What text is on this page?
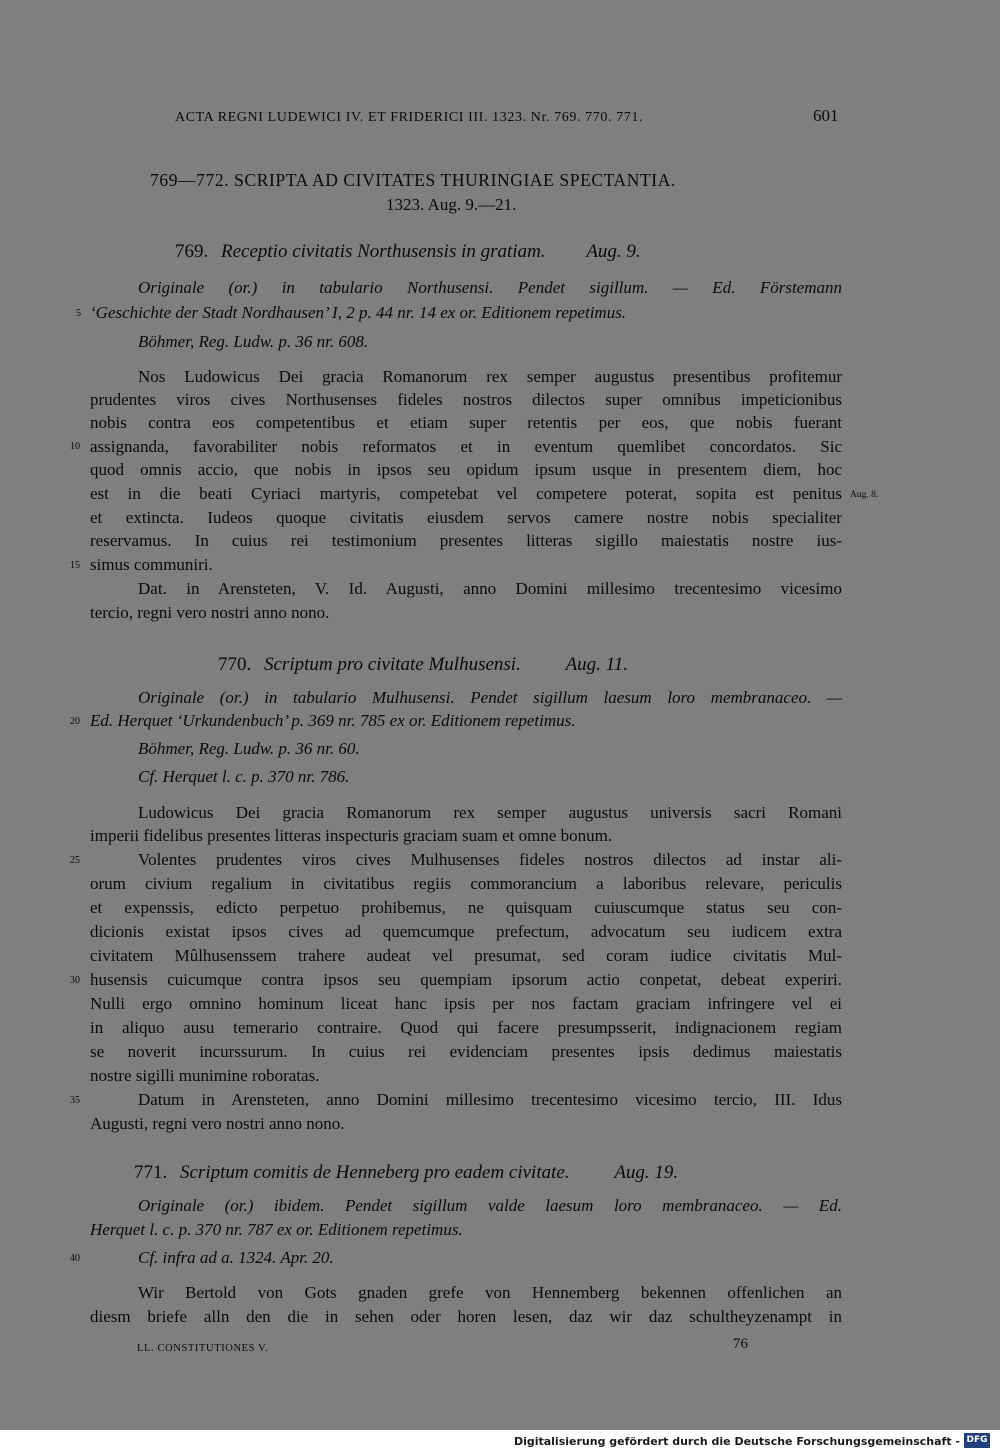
ACTA REGNI LUDEWICI IV. ET FRIDERICI III. 1323. Nr. 769. 770. 771.	601
769—772. SCRIPTA AD CIVITATES THURINGIAE SPECTANTIA.
1323. Aug. 9.—21.
769. Receptio civitatis Northusensis in gratiam. Aug. 9.
Originale (or.) in tabulario Northusensi. Pendet sigillum. — Ed. Förstemann
‘Geschichte der Stadt Nordhausen’ I, 2 p. 44 nr. 14 ex or. Editionem repetimus.
Böhmer, Reg. Ludw. p. 36 nr. 608.
Nos Ludowicus Dei gracia Romanorum rex semper augustus presentibus profitemur
prudentes viros cives Northusenses fideles nostros dilectos super omnibus impeticionibus
nobis contra eos competentibus et etiam super retentis per eos, que nobis fuerant
assignanda, favorabiliter nobis reformatos et in eventum quemlibet concordatos. Sic
quod omnis accio, que nobis in ipsos seu opidum ipsum usque in presentem diem, hoc
est in die beati Cyriaci martyris, competebat vel competere poterat, sopita est penitus
et extincta. Iudeos quoque civitatis eiusdem servos camere nostre nobis specialiter
reservamus. In cuius rei testimonium presentes litteras sigillo maiestatis nostre ius-
simus communiri.
Dat. in Arensteten, V. Id. Augusti, anno Domini millesimo trecentesimo vicesimo
tercio, regni vero nostri anno nono.
Aug. 8.
770. Scriptum pro civitate Mulhusensi. Aug. 11.
Originale (or.) in tabulario Mulhusensi. Pendet sigillum laesum loro membranaceo. —
Ed. Herquet ‘Urkundenbuch’ p. 369 nr. 785 ex or. Editionem repetimus.
Böhmer, Reg. Ludw. p. 36 nr. 60.
Cf. Herquet l. c. p. 370 nr. 786.
Ludowicus Dei gracia Romanorum rex semper augustus universis sacri Romani
imperii fidelibus presentes litteras inspecturis graciam suam et omne bonum.
Volentes prudentes viros cives Mulhusenses fideles nostros dilectos ad instar ali-
orum civium regalium in civitatibus regiis commorancium a laboribus relevare, periculis
et expenssis, edicto perpetuo prohibemus, ne quisquam cuiuscumque status seu con-
dicionis existat ipsos cives ad quemcumque prefectum, advocatum seu iudicem extra
civitatem Mûlhusenssem trahere audeat vel presumat, sed coram iudice civitatis Mul-
husensis cuicumque contra ipsos seu quempiam ipsorum actio conpetat, debeat experiri.
Nulli ergo omnino hominum liceat hanc ipsis per nos factam graciam infringere vel ei
in aliquo ausu temerario contraire. Quod qui facere presumpsserit, indignacionem regiam
se noverit incurssurum. In cuius rei evidenciam presentes ipsis dedimus maiestatis
nostre sigilli munimine roboratas.
Datum in Arensteten, anno Domini millesimo trecentesimo vicesimo tercio, III. Idus
Augusti, regni vero nostri anno nono.
771. Scriptum comitis de Henneberg pro eadem civitate. Aug. 19.
Originale (or.) ibidem. Pendet sigillum valde laesum loro membranaceo. — Ed.
Herquet l. c. p. 370 nr. 787 ex or. Editionem repetimus.
Cf. infra ad a. 1324. Apr. 20.
Wir Bertold von Gots gnaden grefe von Hennemberg bekennen offenlichen an
diesm briefe alln den die in sehen oder horen lesen, daz wir daz schultheyzenampt in
5
10
15
20
25
30
35
40
LL. CONSTITUTIONES V.	76
Digitalisierung gefördert durch die Deutsche Forschungsgemeinschaft - DFG
